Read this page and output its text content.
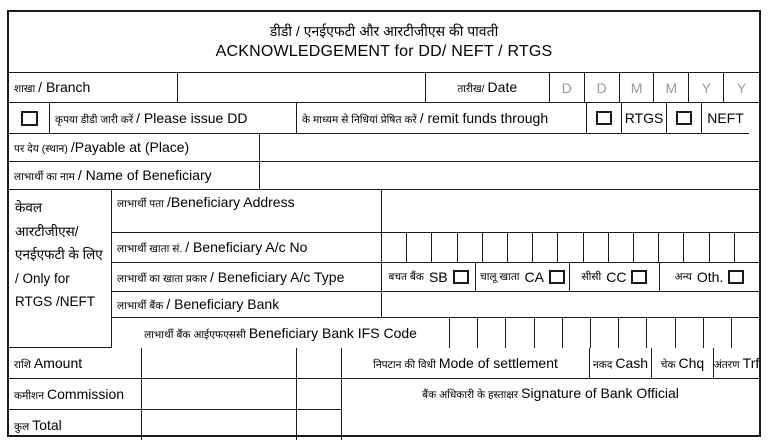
डीडी / एनईएफटी और आरटीजीएस की पावती
ACKNOWLEDGEMENT for DD/ NEFT / RTGS
शाखा / Branch	तारीख/ Date	D	D	M	M	Y	Y
कृपया डीडी जारी करें / Please issue DD	के माध्यम से निधियां प्रेषित करें / remit funds through	RTGS	NEFT
पर देय (स्थान) /Payable at (Place)
लाभार्थी का नाम / Name of Beneficiary
केवल
आरटीजीएस/
एनईएफटी के लिए
/ Only for
RTGS /NEFT
लाभार्थी पता /Beneficiary Address
लाभार्थी खाता सं. / Beneficiary A/c No
लाभार्थी का खाता प्रकार / Beneficiary A/c Type	बचत बैंक SB	चालू खाता CA	सीसी CC	अन्य Oth.
लाभार्थी बैंक / Beneficiary Bank
लाभार्थी बैंक आईएफएससी Beneficiary Bank IFS Code
राशि Amount	निपटान की विधी Mode of settlement	नकद Cash चेक Chq अंतरण Trf
कमीशन Commission	बैंक अधिकारी के हस्ताक्षर Signature of Bank Official
कुल Total
